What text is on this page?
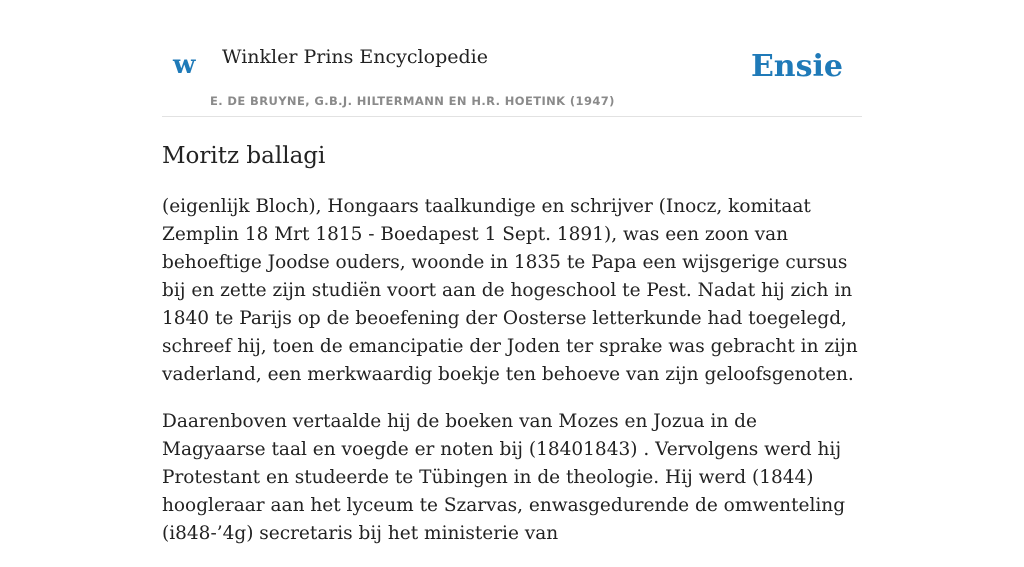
w Winkler Prins Encyclopedie
E. DE BRUYNE, G.B.J. HILTERMANN EN H.R. HOETINK (1947)
Ensie
Moritz ballagi

(eigenlijk Bloch), Hongaars taalkundige en schrijver (Inocz, komitaat Zemplin 18 Mrt 1815 - Boedapest 1 Sept. 1891), was een zoon van behoeftige Joodse ouders, woonde in 1835 te Papa een wijsgerige cursus bij en zette zijn studiën voort aan de hogeschool te Pest. Nadat hij zich in 1840 te Parijs op de beoefening der Oosterse letterkunde had toegelegd, schreef hij, toen de emancipatie der Joden ter sprake was gebracht in zijn vaderland, een merkwaardig boekje ten behoeve van zijn geloofsgenoten.

Daarenboven vertaalde hij de boeken van Mozes en Jozua in de Magyaarse taal en voegde er noten bij (18401843) . Vervolgens werd hij Protestant en studeerde te Tübingen in de theologie. Hij werd (1844) hoogleraar aan het lyceum te Szarvas, enwasgedurende de omwenteling (i848-’4g) secretaris bij het ministerie van
